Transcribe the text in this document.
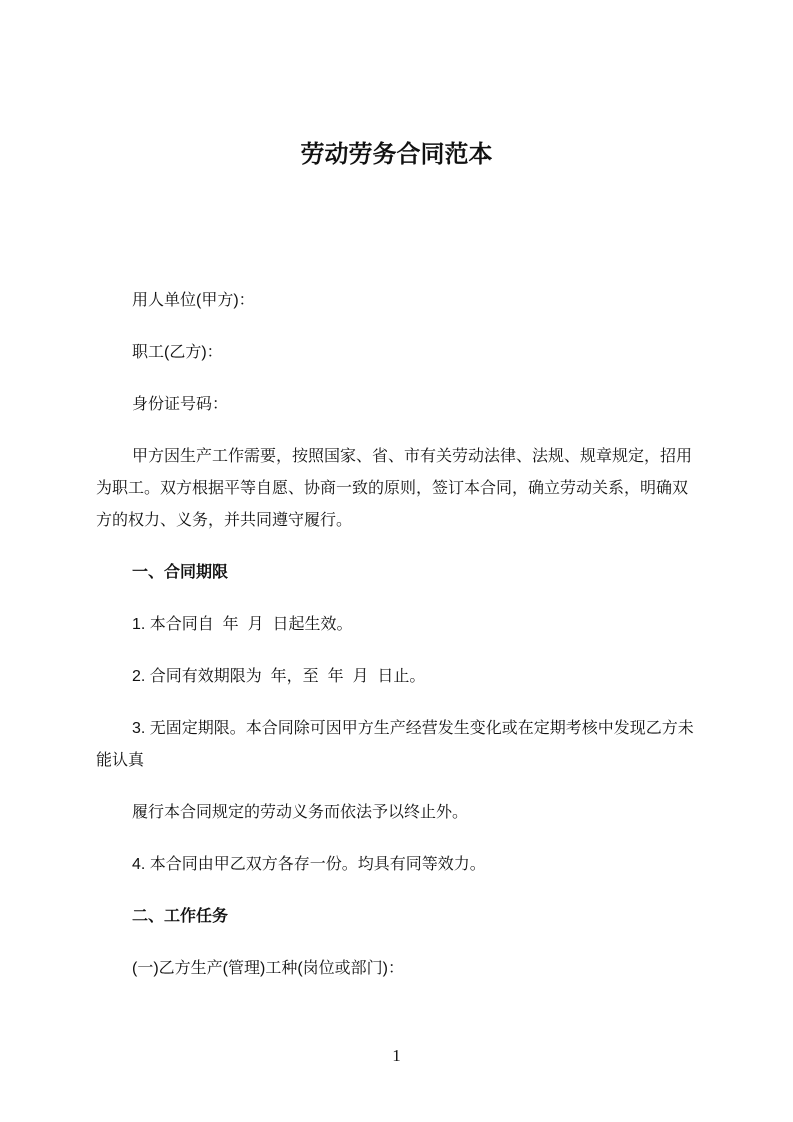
劳动劳务合同范本

用人单位(甲方)：

职工(乙方)：

身份证号码：

甲方因生产工作需要，按照国家、省、市有关劳动法律、法规、规章规定，招用为职工。双方根据平等自愿、协商一致的原则，签订本合同，确立劳动关系，明确双方的权力、义务，并共同遵守履行。

一、合同期限

1. 本合同自  年  月  日起生效。

2. 合同有效期限为  年，至  年  月  日止。

3. 无固定期限。本合同除可因甲方生产经营发生变化或在定期考核中发现乙方未能认真

履行本合同规定的劳动义务而依法予以终止外。

4. 本合同由甲乙双方各存一份。均具有同等效力。

二、工作任务

(一)乙方生产(管理)工种(岗位或部门)：

1
